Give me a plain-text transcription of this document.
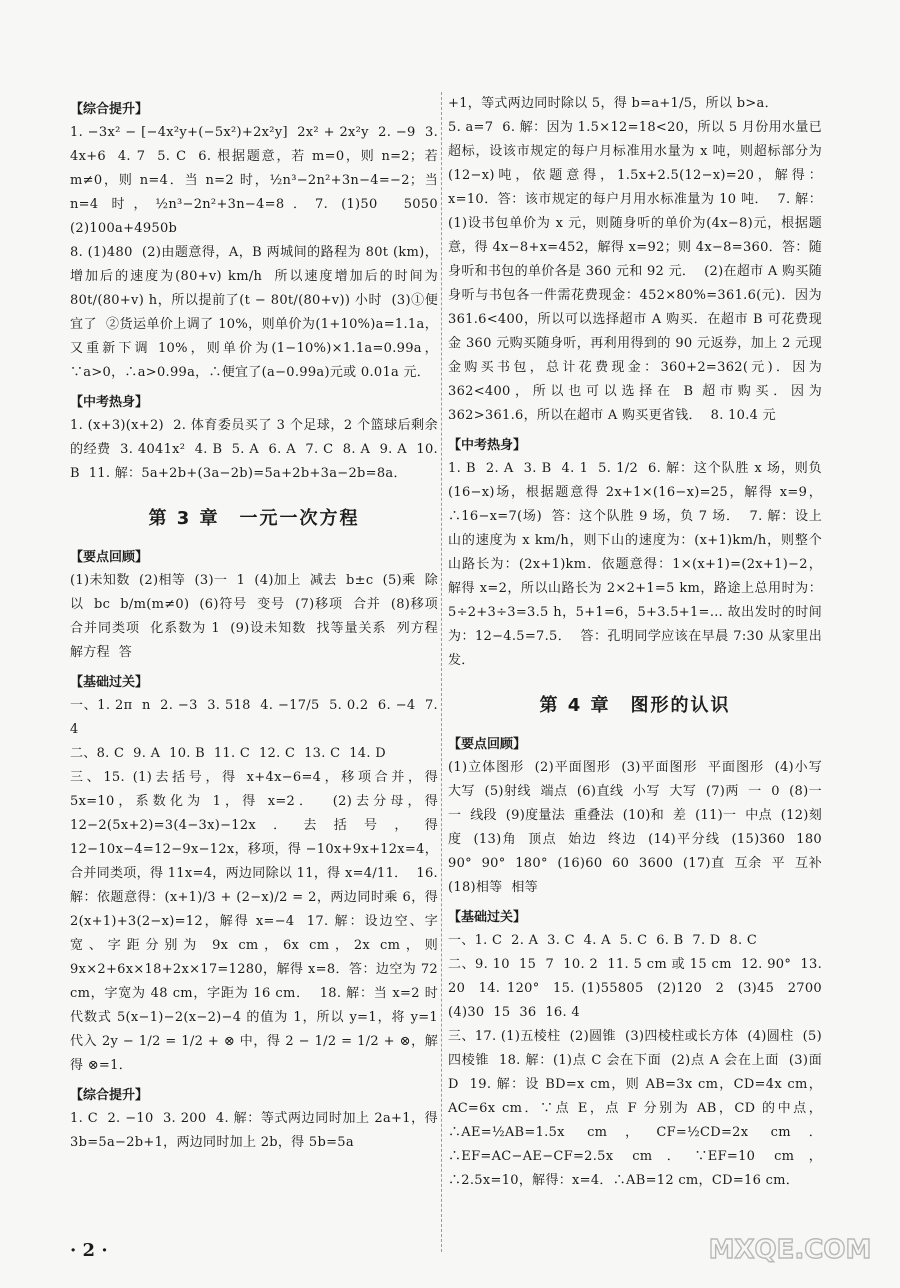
【综合提升】

1. −3x² − [−4x²y+(−5x²)+2x²y]  2x² + 2x²y  2. −9  3. 4x+6  4. 7  5. C  6. 根据题意，若 m=0，则 n=2；若 m≠0，则 n=4．当 n=2 时，½n³−2n²+3n−4=−2；当 n=4 时，½n³−2n²+3n−4=8．7. (1)50  5050  (2)100a+4950b

8. (1)480  (2)由题意得，A，B 两城间的路程为 80t (km)，增加后的速度为(80+v) km/h  所以速度增加后的时间为 80t/(80+v) h，所以提前了(t − 80t/(80+v)) 小时  (3)①便宜了  ②货运单价上调了 10%，则单价为(1+10%)a=1.1a，又重新下调 10%，则单价为(1−10%)×1.1a=0.99a，∵a>0，∴a>0.99a，∴便宜了(a−0.99a)元或 0.01a 元．

【中考热身】

1. (x+3)(x+2)  2. 体育委员买了 3 个足球，2 个篮球后剩余的经费  3. 4041x²  4. B  5. A  6. A  7. C  8. A  9. A  10. B  11. 解：5a+2b+(3a−2b)=5a+2b+3a−2b=8a．

第 3 章　一元一次方程
【要点回顾】

(1)未知数  (2)相等  (3)一  1  (4)加上  减去  b±c  (5)乘  除以  bc  b/m(m≠0)  (6)符号  变号  (7)移项  合并  (8)移项  合并同类项  化系数为 1  (9)设未知数  找等量关系  列方程  解方程  答

【基础过关】

一、1. 2π  n  2. −3  3. 518  4. −17/5  5. 0.2  6. −4  7. 4
二、8. C  9. A  10. B  11. C  12. C  13. C  14. D
三、15. (1)去括号，得 x+4x−6=4，移项合并，得 5x=10，系数化为 1，得 x=2．  (2)去分母，得 12−2(5x+2)=3(4−3x)−12x．去括号，得 12−10x−4=12−9x−12x，移项，得 −10x+9x+12x=4，合并同类项，得 11x=4，两边同除以 11，得 x=4/11．  16. 解：依题意得：(x+1)/3 + (2−x)/2 = 2，两边同时乘 6，得 2(x+1)+3(2−x)=12，解得 x=−4  17. 解：设边空、字宽、字距分别为 9x cm，6x cm，2x cm，则 9x×2+6x×18+2x×17=1280，解得 x=8．答：边空为 72 cm，字宽为 48 cm，字距为 16 cm．  18. 解：当 x=2 时代数式 5(x−1)−2(x−2)−4 的值为 1，所以 y=1，将 y=1 代入 2y − 1/2 = 1/2 + ⊗ 中，得 2 − 1/2 = 1/2 + ⊗，解得 ⊗=1．

【综合提升】

1. C  2. −10  3. 200  4. 解：等式两边同时加上 2a+1，得 3b=5a−2b+1，两边同时加上 2b，得 5b=5a

+1，等式两边同时除以 5，得 b=a+1/5，所以 b>a．

5. a=7  6. 解：因为 1.5×12=18<20，所以 5 月份用水量已超标，设该市规定的每户月标准用水量为 x 吨，则超标部分为(12−x)吨，依题意得，1.5x+2.5(12−x)=20，解得：x=10．答：该市规定的每户月用水标准量为 10 吨．  7. 解：(1)设书包单价为 x 元，则随身听的单价为(4x−8)元，根据题意，得 4x−8+x=452，解得 x=92；则 4x−8=360．答：随身听和书包的单价各是 360 元和 92 元．  (2)在超市 A 购买随身听与书包各一件需花费现金：452×80%=361.6(元)．因为 361.6<400，所以可以选择超市 A 购买．在超市 B 可花费现金 360 元购买随身听，再利用得到的 90 元返券，加上 2 元现金购买书包，总计花费现金：360+2=362(元)．因为 362<400，所以也可以选择在 B 超市购买．因为 362>361.6，所以在超市 A 购买更省钱．  8. 10.4 元

【中考热身】

1. B  2. A  3. B  4. 1  5. 1/2  6. 解：这个队胜 x 场，则负(16−x)场，根据题意得 2x+1×(16−x)=25，解得 x=9，∴16−x=7(场)  答：这个队胜 9 场，负 7 场．  7. 解：设上山的速度为 x km/h，则下山的速度为：(x+1)km/h，则整个山路长为：(2x+1)km．依题意得：1×(x+1)=(2x+1)−2，解得 x=2，所以山路长为 2×2+1=5 km，路途上总用时为：5÷2+3÷3=3.5 h，5+1=6，5+3.5+1=… 故出发时的时间为：12−4.5=7.5．  答：孔明同学应该在早晨 7:30 从家里出发．

第 4 章　图形的认识
【要点回顾】

(1)立体图形  (2)平面图形  (3)平面图形  平面图形  (4)小写  大写  (5)射线  端点  (6)直线  小写  大写  (7)两  一  0  (8)一  一  线段  (9)度量法  重叠法  (10)和  差  (11)一  中点  (12)刻度  (13)角  顶点  始边  终边  (14)平分线  (15)360  180  90°  90°  180°  (16)60  60  3600  (17)直  互余  平  互补  (18)相等  相等

【基础过关】

一、1. C  2. A  3. C  4. A  5. C  6. B  7. D  8. C
二、9. 10  15  7  10. 2  11. 5 cm 或 15 cm  12. 90°  13. 20  14. 120°  15. (1)55805  (2)120  2  (3)45  2700  (4)30  15  36  16. 4
三、17. (1)五棱柱  (2)圆锥  (3)四棱柱或长方体  (4)圆柱  (5)四棱锥  18. 解：(1)点 C 会在下面  (2)点 A 会在上面  (3)面 D  19. 解：设 BD=x cm，则 AB=3x cm，CD=4x cm，AC=6x cm．∵点 E，点 F 分别为 AB，CD 的中点，∴AE=½AB=1.5x cm，CF=½CD=2x cm．∴EF=AC−AE−CF=2.5x cm．∵EF=10 cm，∴2.5x=10，解得：x=4．∴AB=12 cm，CD=16 cm．

· 2 ·	MXQE.COM
